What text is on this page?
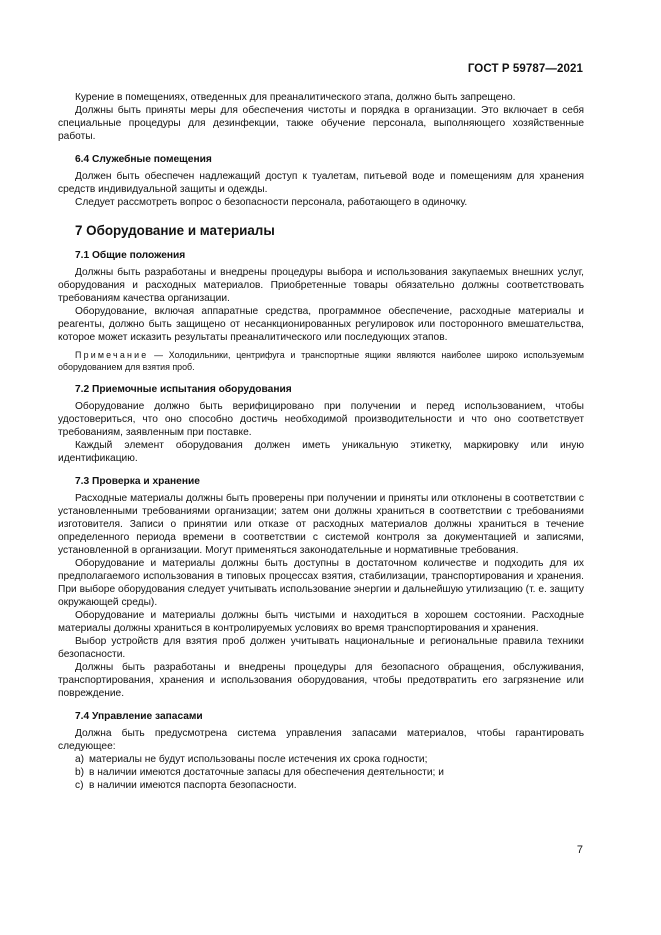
ГОСТ Р 59787—2021

Курение в помещениях, отведенных для преаналитического этапа, должно быть запрещено.

Должны быть приняты меры для обеспечения чистоты и порядка в организации. Это включает в себя специальные процедуры для дезинфекции, также обучение персонала, выполняющего хозяйственные работы.

6.4 Служебные помещения

Должен быть обеспечен надлежащий доступ к туалетам, питьевой воде и помещениям для хранения средств индивидуальной защиты и одежды.

Следует рассмотреть вопрос о безопасности персонала, работающего в одиночку.

7 Оборудование и материалы
7.1 Общие положения

Должны быть разработаны и внедрены процедуры выбора и использования закупаемых внешних услуг, оборудования и расходных материалов. Приобретенные товары обязательно должны соответствовать требованиям качества организации.

Оборудование, включая аппаратные средства, программное обеспечение, расходные материалы и реагенты, должно быть защищено от несанкционированных регулировок или посторонного вмешательства, которое может исказить результаты преаналитического или последующих этапов.

Примечание — Холодильники, центрифуга и транспортные ящики являются наиболее широко используемым оборудованием для взятия проб.

7.2 Приемочные испытания оборудования

Оборудование должно быть верифицировано при получении и перед использованием, чтобы удостовериться, что оно способно достичь необходимой производительности и что оно соответствует требованиям, заявленным при поставке.

Каждый элемент оборудования должен иметь уникальную этикетку, маркировку или иную идентификацию.

7.3 Проверка и хранение

Расходные материалы должны быть проверены при получении и приняты или отклонены в соответствии с установленными требованиями организации; затем они должны храниться в соответствии с требованиями изготовителя. Записи о принятии или отказе от расходных материалов должны храниться в течение определенного периода времени в соответствии с системой контроля за документацией и записями, установленной в организации. Могут применяться законодательные и нормативные требования.

Оборудование и материалы должны быть доступны в достаточном количестве и подходить для их предполагаемого использования в типовых процессах взятия, стабилизации, транспортирования и хранения. При выборе оборудования следует учитывать использование энергии и дальнейшую утилизацию (т. е. защиту окружающей среды).

Оборудование и материалы должны быть чистыми и находиться в хорошем состоянии. Расходные материалы должны храниться в контролируемых условиях во время транспортирования и хранения.

Выбор устройств для взятия проб должен учитывать национальные и региональные правила техники безопасности.

Должны быть разработаны и внедрены процедуры для безопасного обращения, обслуживания, транспортирования, хранения и использования оборудования, чтобы предотвратить его загрязнение или повреждение.

7.4 Управление запасами

Должна быть предусмотрена система управления запасами материалов, чтобы гарантировать следующее:

a) материалы не будут использованы после истечения их срока годности;
b) в наличии имеются достаточные запасы для обеспечения деятельности; и
c) в наличии имеются паспорта безопасности.
7
